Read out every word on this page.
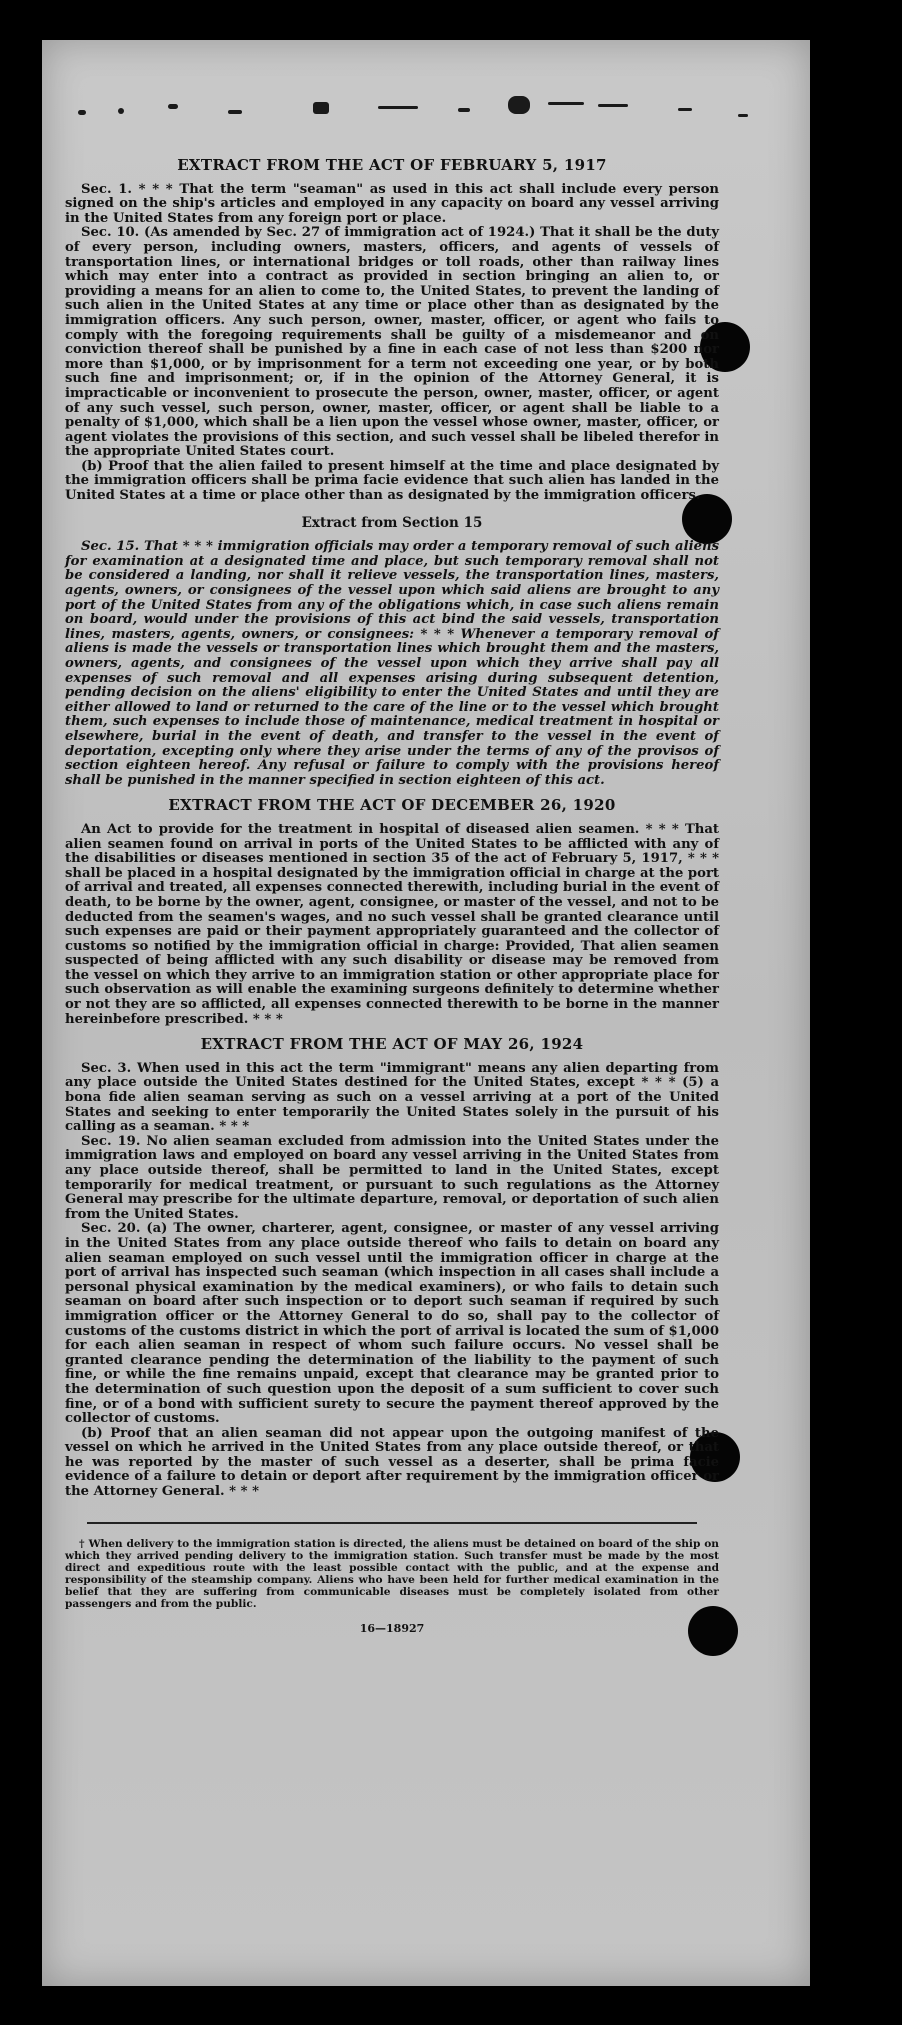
EXTRACT FROM THE ACT OF FEBRUARY 5, 1917

Sec. 1. * * * That the term "seaman" as used in this act shall include every person signed on the ship's articles and employed in any capacity on board any vessel arriving in the United States from any foreign port or place.

Sec. 10. (As amended by Sec. 27 of immigration act of 1924.) That it shall be the duty of every person, including owners, masters, officers, and agents of vessels of transportation lines, or international bridges or toll roads, other than railway lines which may enter into a contract as provided in section bringing an alien to, or providing a means for an alien to come to, the United States, to prevent the landing of such alien in the United States at any time or place other than as designated by the immigration officers. Any such person, owner, master, officer, or agent who fails to comply with the foregoing requirements shall be guilty of a misdemeanor and on conviction thereof shall be punished by a fine in each case of not less than $200 nor more than $1,000, or by imprisonment for a term not exceeding one year, or by both such fine and imprisonment; or, if in the opinion of the Attorney General, it is impracticable or inconvenient to prosecute the person, owner, master, officer, or agent of any such vessel, such person, owner, master, officer, or agent shall be liable to a penalty of $1,000, which shall be a lien upon the vessel whose owner, master, officer, or agent violates the provisions of this section, and such vessel shall be libeled therefor in the appropriate United States court.

(b) Proof that the alien failed to present himself at the time and place designated by the immigration officers shall be prima facie evidence that such alien has landed in the United States at a time or place other than as designated by the immigration officers.

Extract from Section 15

Sec. 15. That * * * immigration officials may order a temporary removal of such aliens for examination at a designated time and place, but such temporary removal shall not be considered a landing, nor shall it relieve vessels, the transportation lines, masters, agents, owners, or consignees of the vessel upon which said aliens are brought to any port of the United States from any of the obligations which, in case such aliens remain on board, would under the provisions of this act bind the said vessels, transportation lines, masters, agents, owners, or consignees: * * * Whenever a temporary removal of aliens is made the vessels or transportation lines which brought them and the masters, owners, agents, and consignees of the vessel upon which they arrive shall pay all expenses of such removal and all expenses arising during subsequent detention, pending decision on the aliens' eligibility to enter the United States and until they are either allowed to land or returned to the care of the line or to the vessel which brought them, such expenses to include those of maintenance, medical treatment in hospital or elsewhere, burial in the event of death, and transfer to the vessel in the event of deportation, excepting only where they arise under the terms of any of the provisos of section eighteen hereof. Any refusal or failure to comply with the provisions hereof shall be punished in the manner specified in section eighteen of this act.

EXTRACT FROM THE ACT OF DECEMBER 26, 1920

An Act to provide for the treatment in hospital of diseased alien seamen. * * * That alien seamen found on arrival in ports of the United States to be afflicted with any of the disabilities or diseases mentioned in section 35 of the act of February 5, 1917, * * * shall be placed in a hospital designated by the immigration official in charge at the port of arrival and treated, all expenses connected therewith, including burial in the event of death, to be borne by the owner, agent, consignee, or master of the vessel, and not to be deducted from the seamen's wages, and no such vessel shall be granted clearance until such expenses are paid or their payment appropriately guaranteed and the collector of customs so notified by the immigration official in charge: Provided, That alien seamen suspected of being afflicted with any such disability or disease may be removed from the vessel on which they arrive to an immigration station or other appropriate place for such observation as will enable the examining surgeons definitely to determine whether or not they are so afflicted, all expenses connected therewith to be borne in the manner hereinbefore prescribed. * * *

EXTRACT FROM THE ACT OF MAY 26, 1924

Sec. 3. When used in this act the term "immigrant" means any alien departing from any place outside the United States destined for the United States, except * * * (5) a bona fide alien seaman serving as such on a vessel arriving at a port of the United States and seeking to enter temporarily the United States solely in the pursuit of his calling as a seaman. * * *

Sec. 19. No alien seaman excluded from admission into the United States under the immigration laws and employed on board any vessel arriving in the United States from any place outside thereof, shall be permitted to land in the United States, except temporarily for medical treatment, or pursuant to such regulations as the Attorney General may prescribe for the ultimate departure, removal, or deportation of such alien from the United States.

Sec. 20. (a) The owner, charterer, agent, consignee, or master of any vessel arriving in the United States from any place outside thereof who fails to detain on board any alien seaman employed on such vessel until the immigration officer in charge at the port of arrival has inspected such seaman (which inspection in all cases shall include a personal physical examination by the medical examiners), or who fails to detain such seaman on board after such inspection or to deport such seaman if required by such immigration officer or the Attorney General to do so, shall pay to the collector of customs of the customs district in which the port of arrival is located the sum of $1,000 for each alien seaman in respect of whom such failure occurs. No vessel shall be granted clearance pending the determination of the liability to the payment of such fine, or while the fine remains unpaid, except that clearance may be granted prior to the determination of such question upon the deposit of a sum sufficient to cover such fine, or of a bond with sufficient surety to secure the payment thereof approved by the collector of customs.

(b) Proof that an alien seaman did not appear upon the outgoing manifest of the vessel on which he arrived in the United States from any place outside thereof, or that he was reported by the master of such vessel as a deserter, shall be prima facie evidence of a failure to detain or deport after requirement by the immigration officer or the Attorney General. * * *

† When delivery to the immigration station is directed, the aliens must be detained on board of the ship on which they arrived pending delivery to the immigration station. Such transfer must be made by the most direct and expeditious route with the least possible contact with the public, and at the expense and responsibility of the steamship company. Aliens who have been held for further medical examination in the belief that they are suffering from communicable diseases must be completely isolated from other passengers and from the public.

16—18927
